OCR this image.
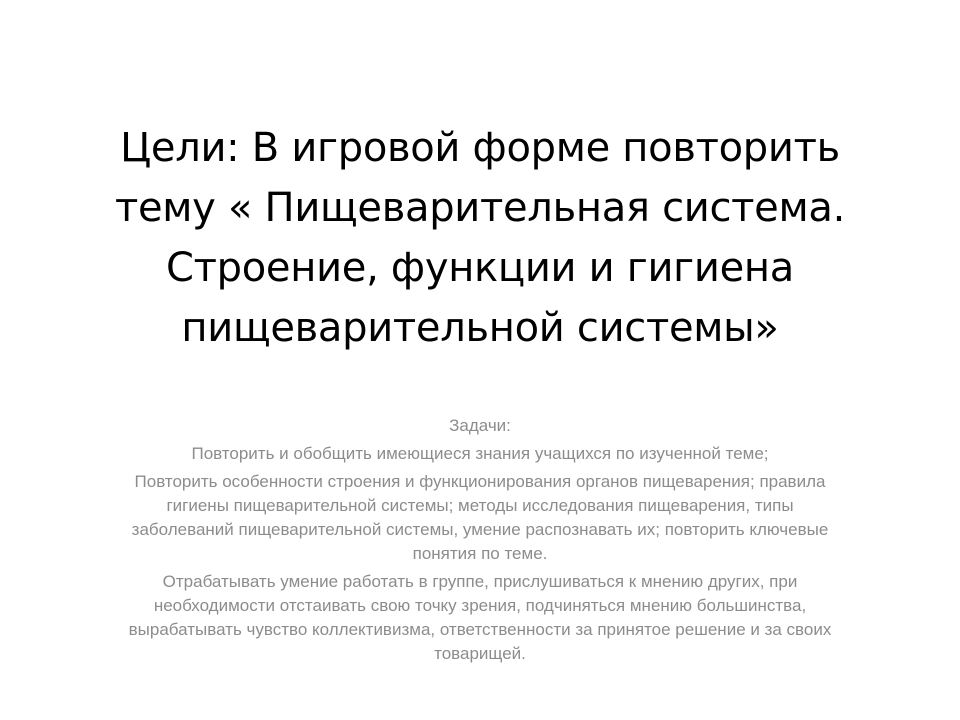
Цели: В игровой форме повторить
тему « Пищеварительная система.
Строение, функции и гигиена
пищеварительной системы»
Задачи:
Повторить и обобщить имеющиеся знания учащихся по изученной теме;
Повторить особенности строения и функционирования органов пищеварения; правила
гигиены пищеварительной системы; методы исследования пищеварения, типы
заболеваний пищеварительной системы, умение распознавать их; повторить ключевые
понятия по теме.
Отрабатывать умение работать в группе, прислушиваться к мнению других, при
необходимости отстаивать свою точку зрения, подчиняться мнению большинства,
вырабатывать чувство коллективизма, ответственности за принятое решение и за своих
товарищей.
